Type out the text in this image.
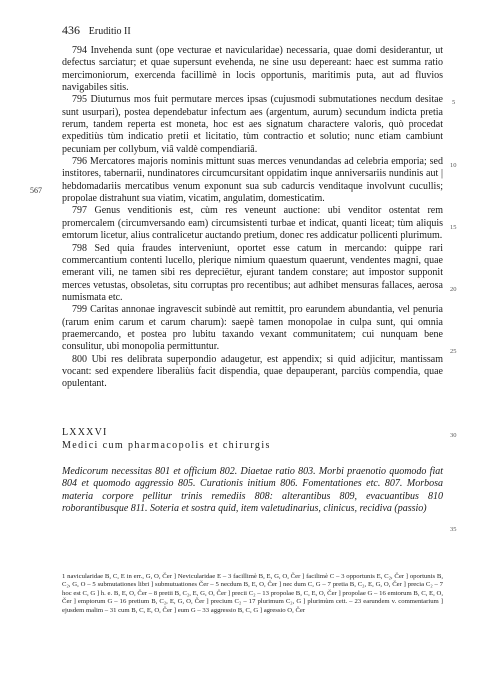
436 Eruditio II

794 Invehenda sunt (ope vecturae et navicularidae) necessaria, quae domi desiderantur, ut defectus sarciatur; et quae supersunt evehenda, ne sine usu depereant: haec est summa ratio mercimoniorum, exercenda facillimè in locis opportunis, maritimis puta, aut ad fluvios navigabiles sitis.

795 Diuturnus mos fuit permutare merces ipsas (cujusmodi submutationes necdum desitae sunt usurpari), postea dependebatur infectum aes (argentum, aurum) secundum indicta pretia rerum, tandem reperta est moneta, hoc est aes signatum charactere valoris, quò procedat expeditiùs tùm indicatio pretii et licitatio, tùm contractio et solutio; nunc etiam cambiunt pecuniam per collybum, viâ valdè compendiariâ.

796 Mercatores majoris nominis mittunt suas merces venundandas ad celebria emporia; sed institores, tabernarii, nundinatores circumcursitant oppidatim inque anniversariis nundinis aut | hebdomadariis mercatibus venum exponunt sua sub cadurcis venditaque involvunt cucullis; propolae distrahunt sua viatim, vicatim, angulatim, domesticatim.

797 Genus venditionis est, cùm res veneunt auctione: ubi venditor ostentat rem promercalem (circumversando eam) circumsistenti turbae et indicat, quanti liceat; tùm aliquis emtorum licetur, alius contralicetur auctando pretium, donec res addicatur pollicenti plurimum.

798 Sed quia fraudes interveniunt, oportet esse catum in mercando: quippe rari commercantium contenti lucello, plerique nimium quaestum quaerunt, vendentes magni, quae emerant vili, ne tamen sibi res depreciëtur, ejurant tandem constare; aut impostor supponit merces vetustas, obsoletas, situ corruptas pro recentibus; aut adhibet mensuras fallaces, aerosa numismata etc.

799 Caritas annonae ingravescit subindè aut remittit, pro earundem abundantia, vel penuria (rarum enim carum et carum charum): saepè tamen monopolae in culpa sunt, qui omnia praemercando, et postea pro lubitu taxando vexant communitatem; cui nunquam bene consulitur, ubi monopolia permittuntur.

800 Ubi res delibrata superpondio adaugetur, est appendix; si quid adjicitur, mantissam vocant: sed expendere liberaliùs facit dispendia, quae depauperant, parciùs compendia, quae opulentant.

5
10
15
20
25
30
35
567
LXXXVI
Medici cum pharmacopolis et chirurgis
Medicorum necessitas 801 et officium 802. Diaetae ratio 803. Morbi praenotio quomodo fiat 804 et quomodo aggressio 805. Curationis initium 806. Fomentationes etc. 807. Morbosa materia corpore pellitur trinis remediis 808: alterantibus 809, evacuantibus 810 roborantibusque 811. Soteria et sostra quid, item valetudinarius, clinicus, recidiva (passio)
1 navicularidae B, C, E in err., G, O, Čer ] Nevicularidae E – 3 facillimè B, E, G, O, Čer ] facilimè C – 3 opportunis E, C₂, Čer ] oportunis B, C₂, G, O – 5 submutationes libri ] submutuationes Čer – 5 necdum B, E, O, Čer ] nec dum C, G – 7 pretia B, C₂, E, G, O, Čer ] precia C₂ – 7 hoc est C, G ] h. e. B, E, O, Čer – 8 pretii B, C₂, E, G, O, Čer ] precii C₂ – 13 propolae B, C, E, O, Čer ] propolae G – 16 emtorum B, C, E, O, Čer ] emptorum G – 16 pretium B, C₂, E, G, O, Čer ] precium C₂ – 17 plurimum C₂, G ] plurimùm cett. – 23 earundem v. commentarium ] ejusdem malim – 31 cum B, C, E, O, Čer ] eum G – 33 aggressio B, C, G ] agressio O, Čer
